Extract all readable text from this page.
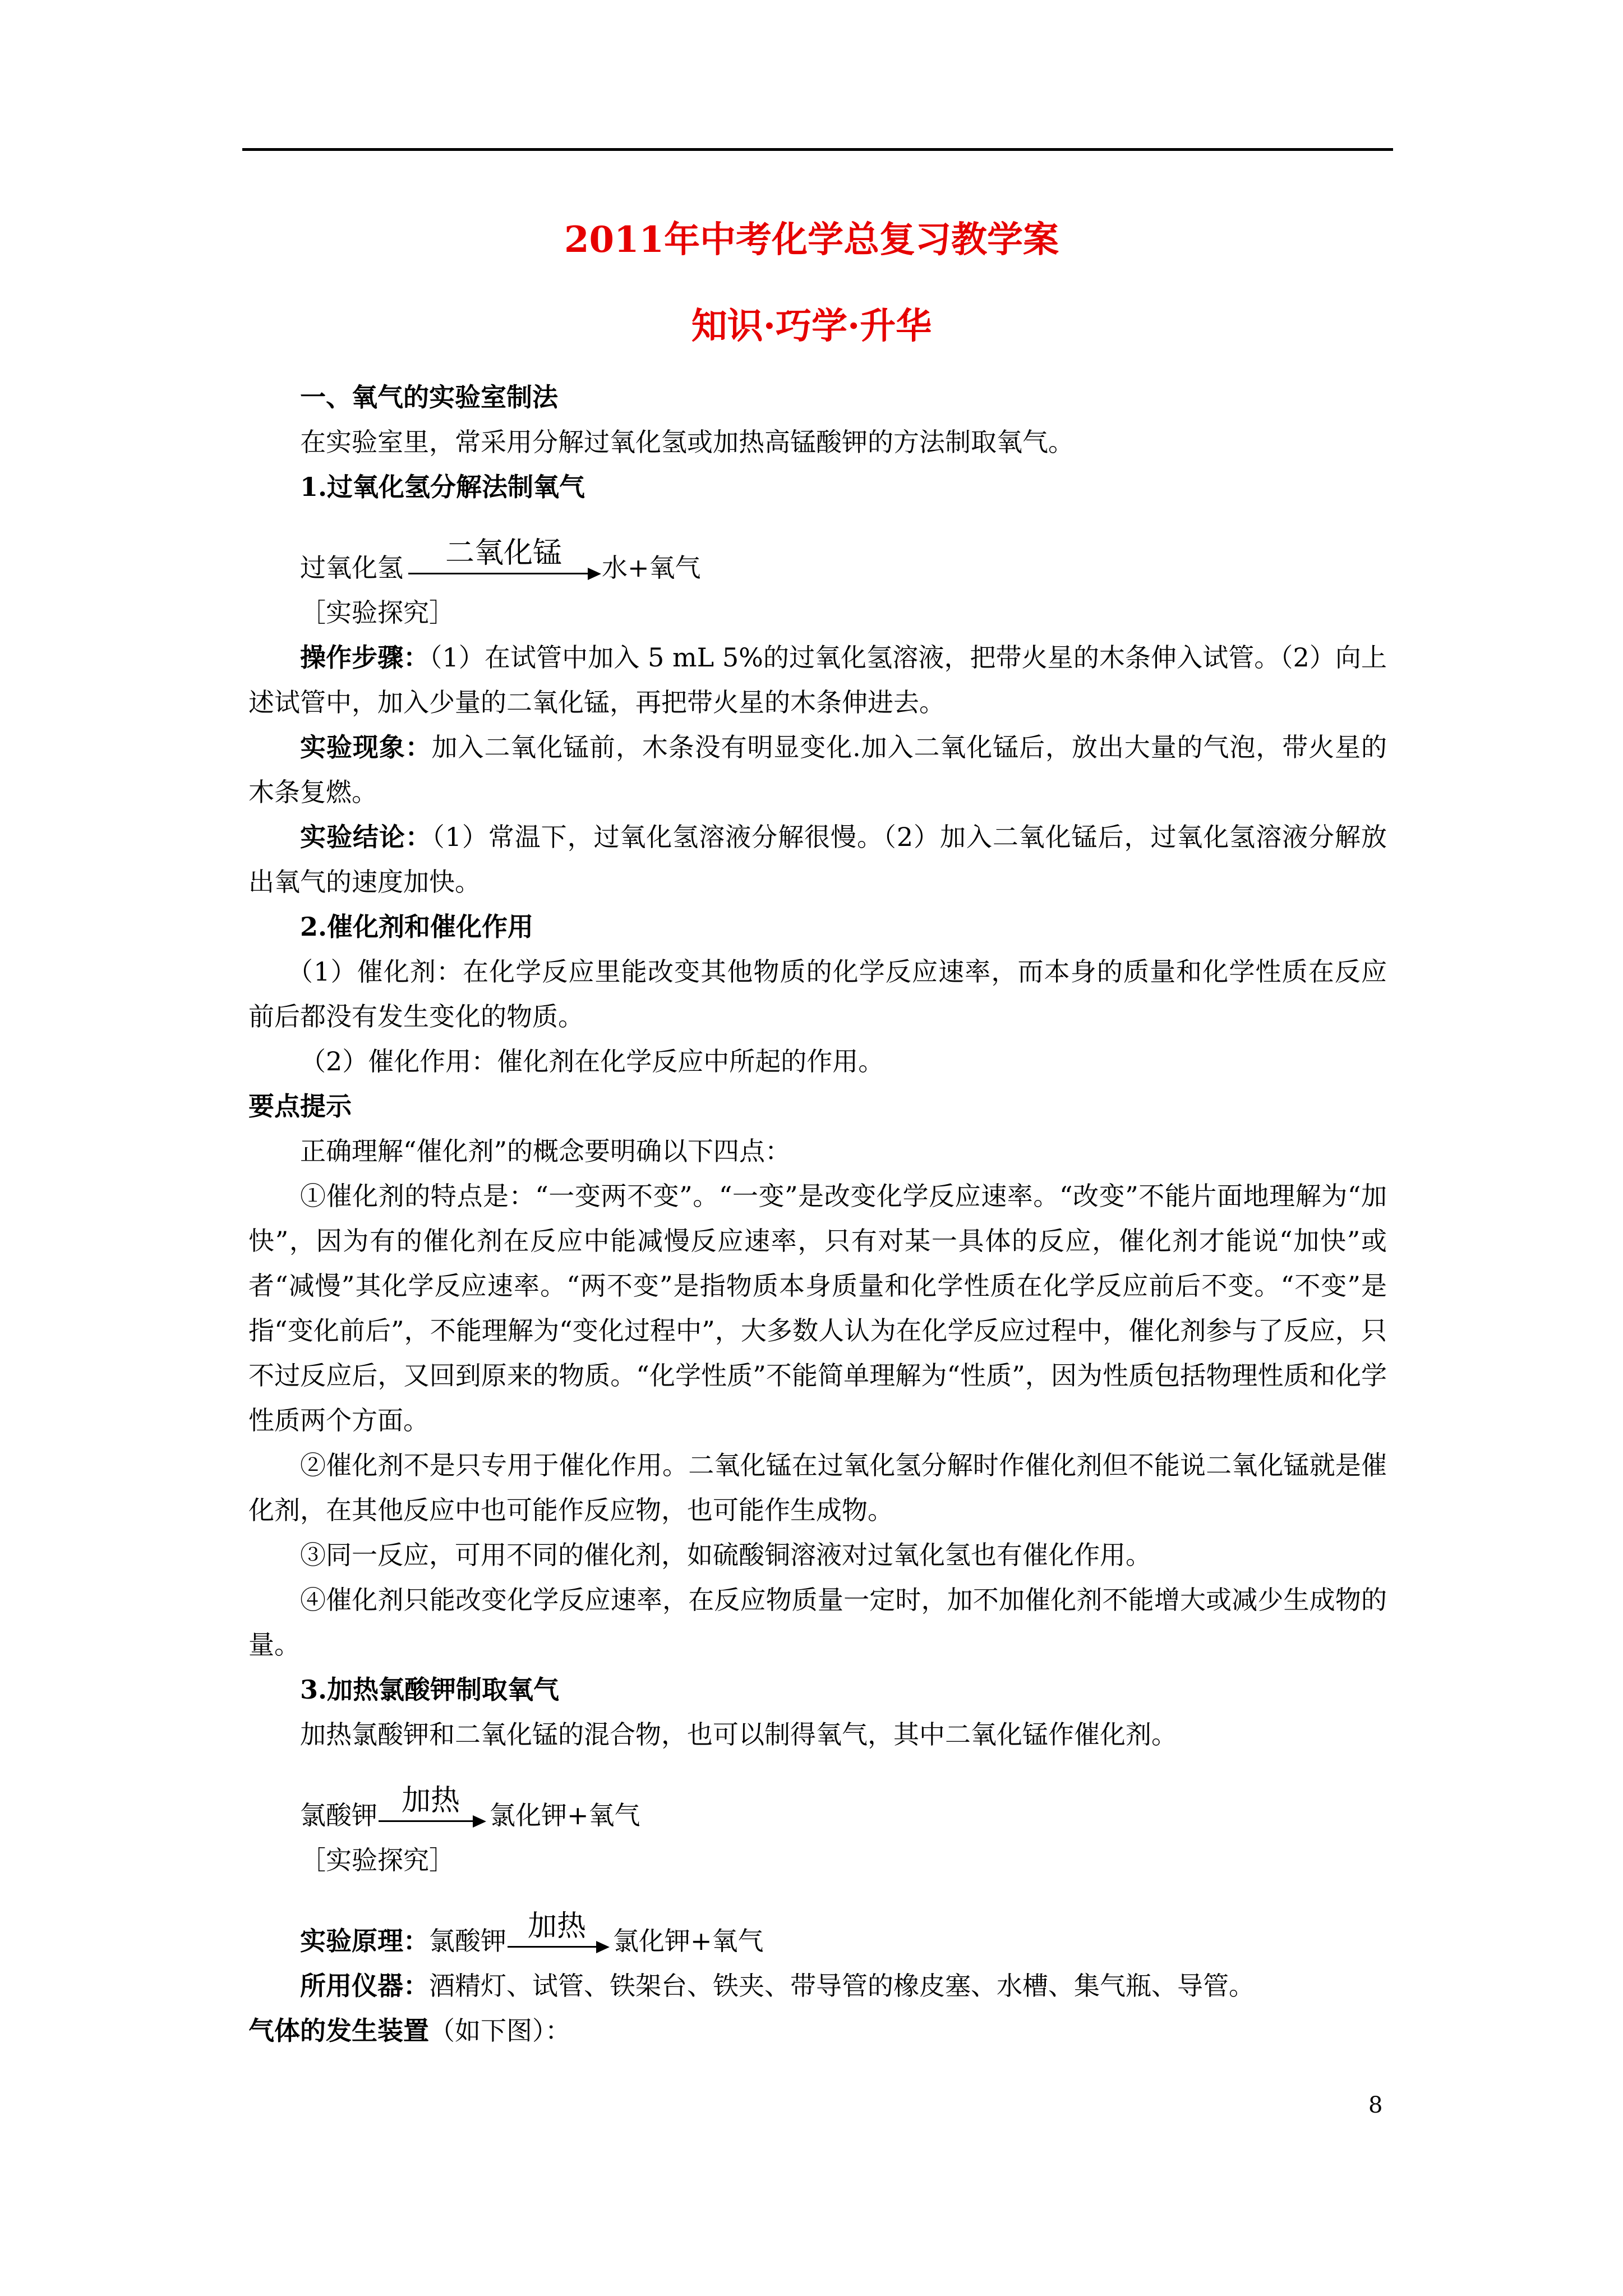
2011年中考化学总复习教学案
知识·巧学·升华

一、氧气的实验室制法

在实验室里，常采用分解过氧化氢或加热高锰酸钾的方法制取氧气。

1.过氧化氢分解法制氧气

过氧化氢	二氧化锰	水+氧气

［实验探究］

操作步骤：（1）在试管中加入 5 mL 5%的过氧化氢溶液，把带火星的木条伸入试管。（2）向上述试管中，加入少量的二氧化锰，再把带火星的木条伸进去。

实验现象：加入二氧化锰前，木条没有明显变化.加入二氧化锰后，放出大量的气泡，带火星的木条复燃。

实验结论：（1）常温下，过氧化氢溶液分解很慢。（2）加入二氧化锰后，过氧化氢溶液分解放出氧气的速度加快。

2.催化剂和催化作用

（1）催化剂：在化学反应里能改变其他物质的化学反应速率，而本身的质量和化学性质在反应前后都没有发生变化的物质。

（2）催化作用：催化剂在化学反应中所起的作用。

要点提示

正确理解“催化剂”的概念要明确以下四点：

①催化剂的特点是：“一变两不变”。“一变”是改变化学反应速率。“改变”不能片面地理解为“加快”，因为有的催化剂在反应中能减慢反应速率，只有对某一具体的反应，催化剂才能说“加快”或者“减慢”其化学反应速率。“两不变”是指物质本身质量和化学性质在化学反应前后不变。“不变”是指“变化前后”，不能理解为“变化过程中”，大多数人认为在化学反应过程中，催化剂参与了反应，只不过反应后，又回到原来的物质。“化学性质”不能简单理解为“性质”，因为性质包括物理性质和化学性质两个方面。

②催化剂不是只专用于催化作用。二氧化锰在过氧化氢分解时作催化剂但不能说二氧化锰就是催化剂，在其他反应中也可能作反应物，也可能作生成物。

③同一反应，可用不同的催化剂，如硫酸铜溶液对过氧化氢也有催化作用。

④催化剂只能改变化学反应速率，在反应物质量一定时，加不加催化剂不能增大或减少生成物的量。

3.加热氯酸钾制取氧气

加热氯酸钾和二氧化锰的混合物，也可以制得氧气，其中二氧化锰作催化剂。

氯酸钾 加热	氯化钾+氧气

［实验探究］

实验原理： 氯酸钾 加热 → 氯化钾+氧气

所用仪器：酒精灯、试管、铁架台、铁夹、带导管的橡皮塞、水槽、集气瓶、导管。

气体的发生装置（如下图）：

8
